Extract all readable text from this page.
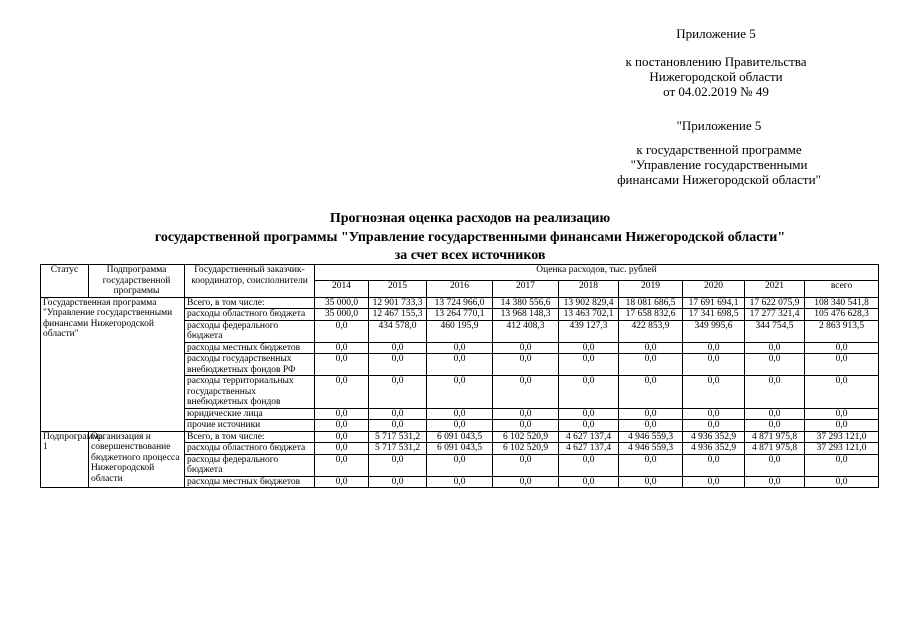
Приложение 5
к постановлению Правительства
Нижегородской области
от 04.02.2019 № 49
"Приложение 5
к государственной программе
"Управление государственными
финансами Нижегородской области"
Прогнозная оценка расходов на реализацию
государственной программы "Управление государственными финансами Нижегородской области"
за счет всех источников
Статус	Подпрограмма государственной программы	Государственный заказчик-координатор, соисполнители	Оценка расходов, тыс. рублей								
			2014	2015	2016	2017	2018	2019	2020	2021	всего
Государственная программа "Управление государственными финансами Нижегородской области"		Всего, в том числе:	35 000,0	12 901 733,3	13 724 966,0	14 380 556,6	13 902 829,4	18 081 686,5	17 691 694,1	17 622 075,9	108 340 541,8
		расходы областного бюджета	35 000,0	12 467 155,3	13 264 770,1	13 968 148,3	13 463 702,1	17 658 832,6	17 341 698,5	17 277 321,4	105 476 628,3
		расходы федерального бюджета	0,0	434 578,0	460 195,9	412 408,3	439 127,3	422 853,9	349 995,6	344 754,5	2 863 913,5
		расходы местных бюджетов	0,0	0,0	0,0	0,0	0,0	0,0	0,0	0,0	0,0
		расходы государственных внебюджетных фондов РФ	0,0	0,0	0,0	0,0	0,0	0,0	0,0	0,0	0,0
		расходы территориальных государственных внебюджетных фондов	0,0	0,0	0,0	0,0	0,0	0,0	0,0	0,0	0,0
		юридические лица	0,0	0,0	0,0	0,0	0,0	0,0	0,0	0,0	0,0
		прочие источники	0,0	0,0	0,0	0,0	0,0	0,0	0,0	0,0	0,0
Подпрограмма 1	Организация и совершенствование бюджетного процесса Нижегородской области	Всего, в том числе:	0,0	5 717 531,2	6 091 043,5	6 102 520,9	4 627 137,4	4 946 559,3	4 936 352,9	4 871 975,8	37 293 121,0
		расходы областного бюджета	0,0	5 717 531,2	6 091 043,5	6 102 520,9	4 627 137,4	4 946 559,3	4 936 352,9	4 871 975,8	37 293 121,0
		расходы федерального бюджета	0,0	0,0	0,0	0,0	0,0	0,0	0,0	0,0	0,0
		расходы местных бюджетов	0,0	0,0	0,0	0,0	0,0	0,0	0,0	0,0	0,0
